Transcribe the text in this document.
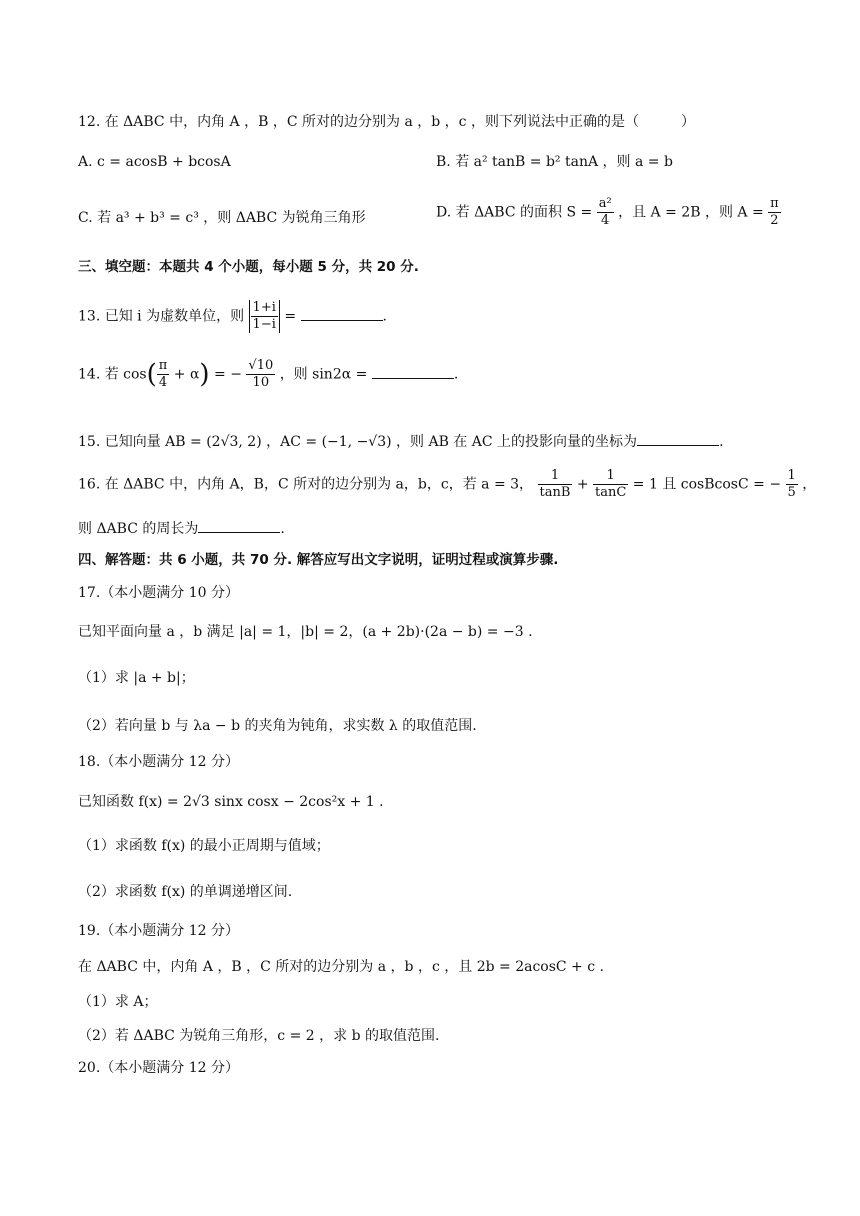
12. 在 ΔABC 中，内角 A ，B ，C 所对的边分别为 a ，b ，c ，则下列说法中正确的是（　　　）
A. c = acosB + bcosA	B. 若 a² tanB = b² tanA ，则 a = b
C. 若 a³ + b³ = c³ ，则 ΔABC 为锐角三角形	D. 若 ΔABC 的面积 $S = \frac{\text{a²}}{4}$ ，且 A = 2B ，则 $A = \frac{\pi}{2}$
三、填空题：本题共 4 个小题，每小题 5 分，共 20 分.
13. 已知 i 为虚数单位，则 $\frac{1+i}{1-i}$ =	.
14. 若 $\cos( \frac{\pi}{4} + \alpha)$ = − $\frac{√10}{10}$ ，则 sin2α =	.
15. 已知向量 AB = (2√3, 2) ，AC = (−1, −√3) ，则 AB 在 AC 上的投影向量的坐标为	.
16. 在 ΔABC 中，内角 A，B，C 所对的边分别为 a，b，c，若 a = 3， $\frac{1}{\tan B} + \frac{1}{\tan C} = 1$ 且 cosBcosC = − $\frac{1}{5}$ ，
则 ΔABC 的周长为	.
四、解答题：共 6 小题，共 70 分. 解答应写出文字说明，证明过程或演算步骤.
17.（本小题满分 10 分）
已知平面向量 a ，b 满足 |a| = 1，|b| = 2，(a + 2b)·(2a − b) = −3 .
（1）求 |a + b|；
（2）若向量 b 与 λa − b 的夹角为钝角，求实数 λ 的取值范围.
18.（本小题满分 12 分）
已知函数 f(x) = 2√3 sinx cosx − 2cos²x + 1 .
（1）求函数 f(x) 的最小正周期与值域；
（2）求函数 f(x) 的单调递增区间.
19.（本小题满分 12 分）
在 ΔABC 中，内角 A ，B ，C 所对的边分别为 a ，b ，c ，且 2b = 2acosC + c .
（1）求 A；
（2）若 ΔABC 为锐角三角形，c = 2 ，求 b 的取值范围.
20.（本小题满分 12 分）
